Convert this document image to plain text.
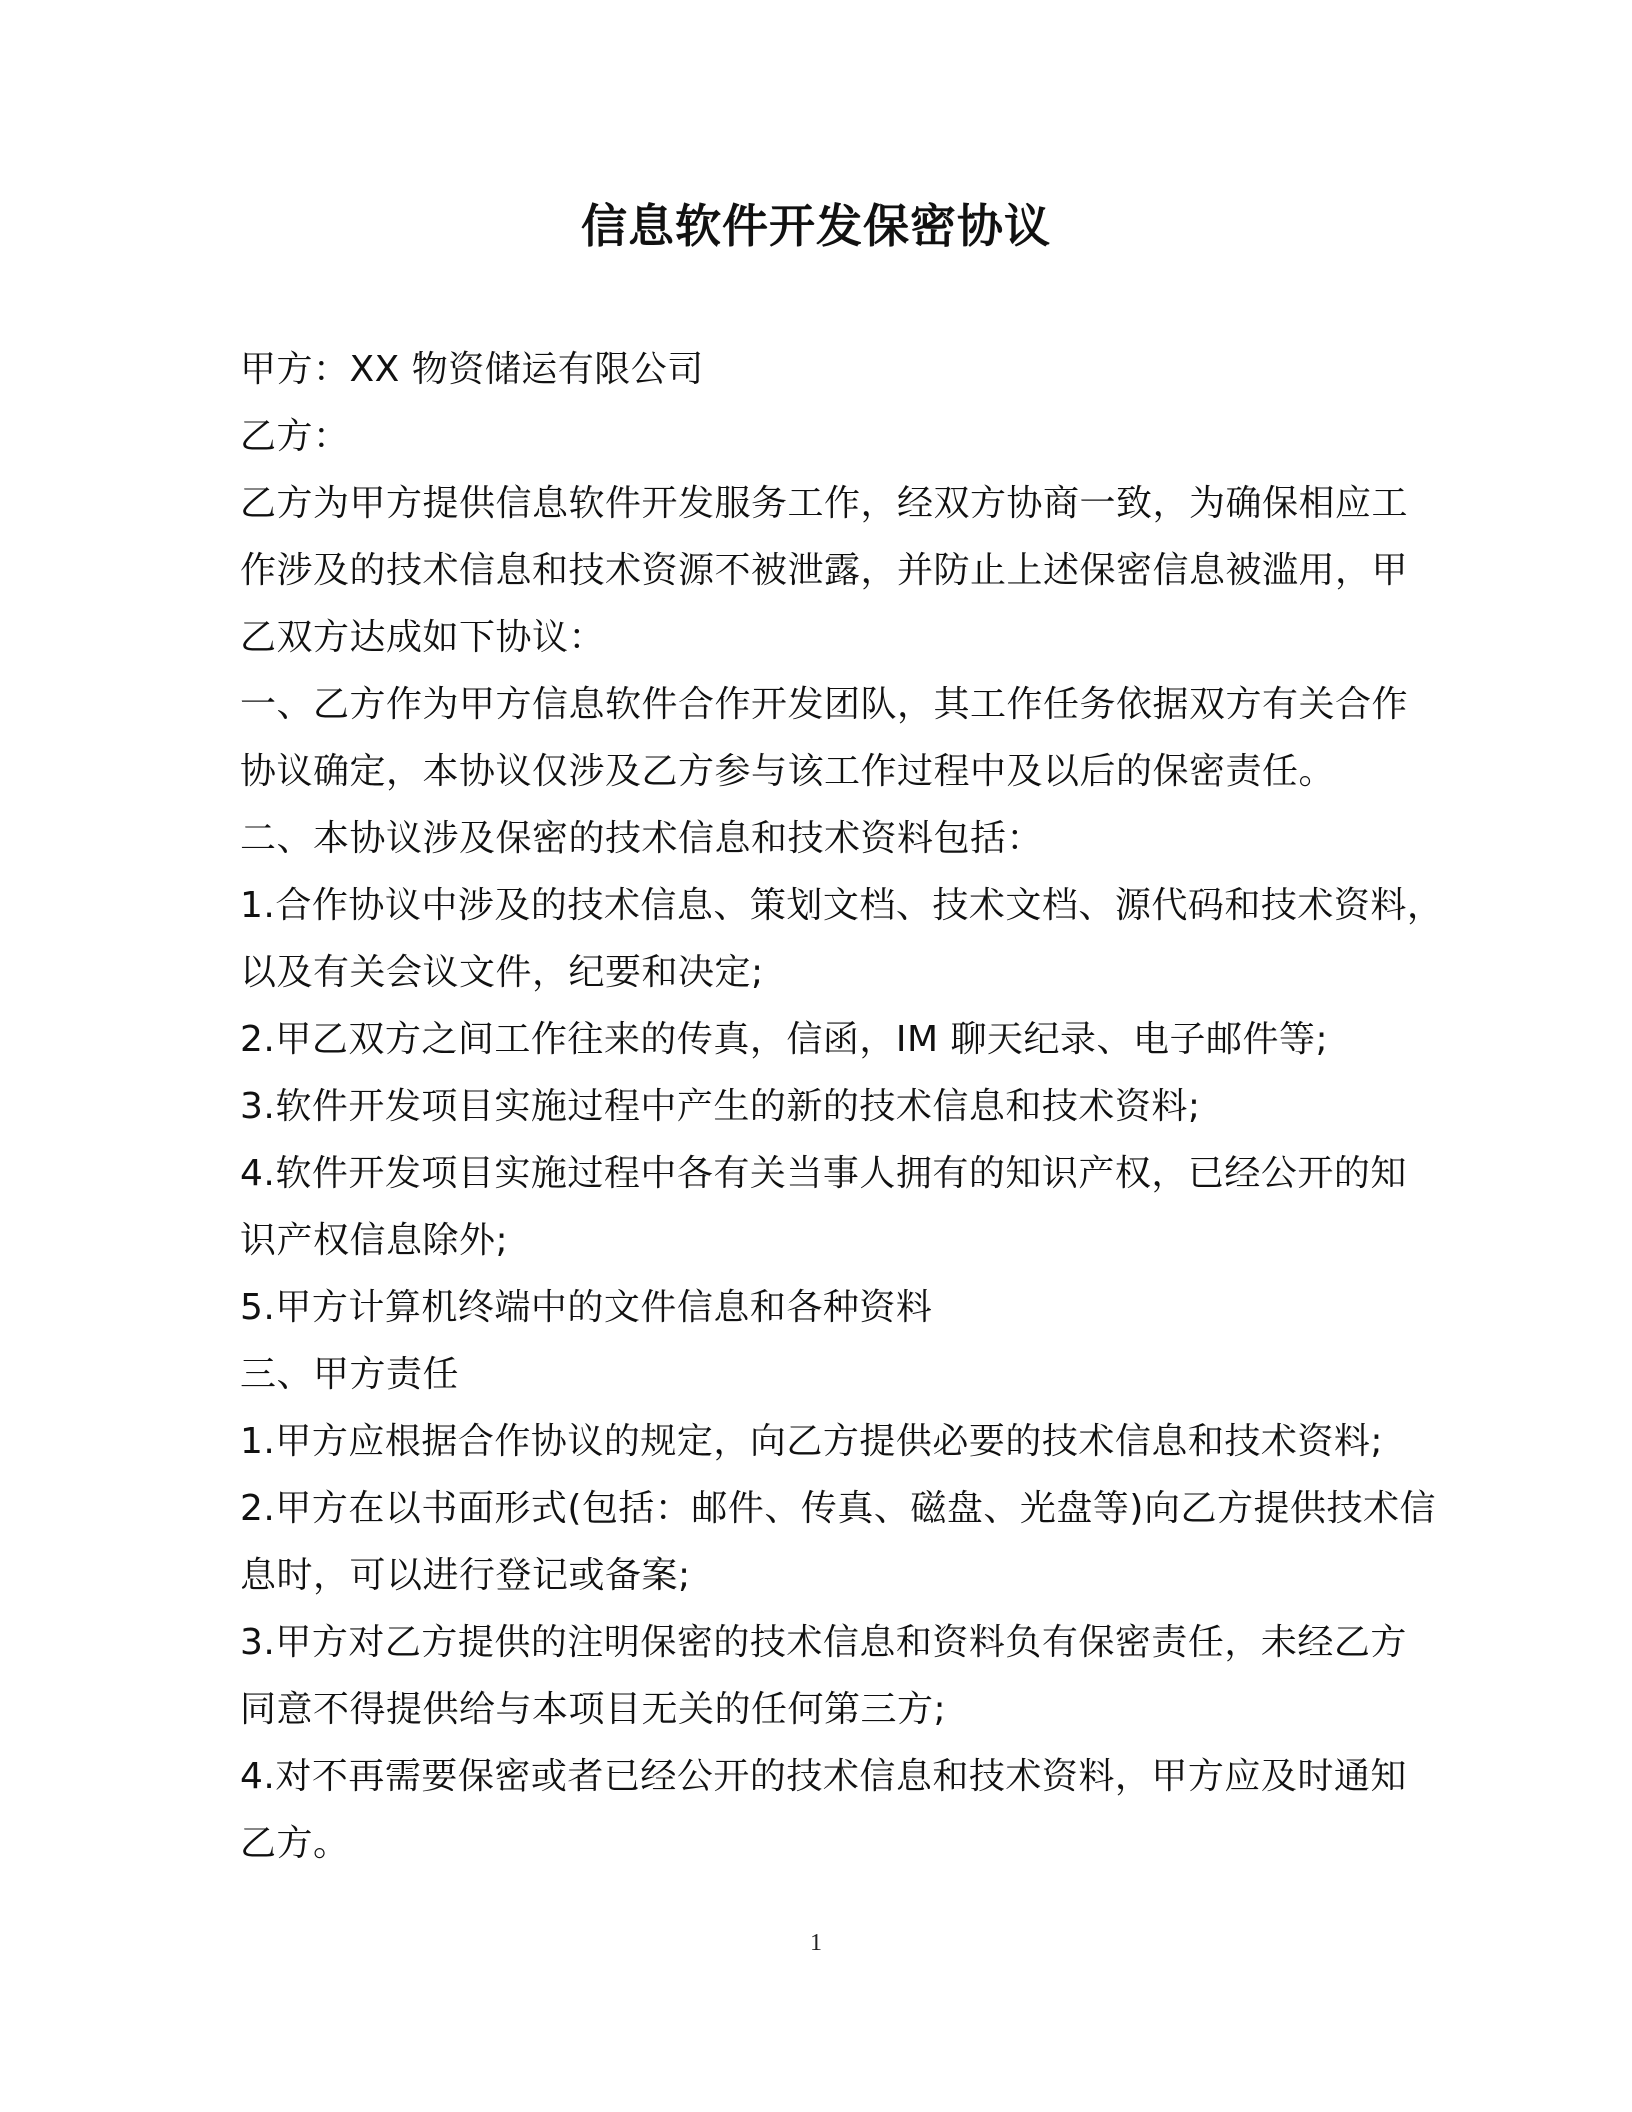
信息软件开发保密协议
甲方：XX 物资储运有限公司
乙方：
乙方为甲方提供信息软件开发服务工作，经双方协商一致，为确保相应工
作涉及的技术信息和技术资源不被泄露，并防止上述保密信息被滥用，甲
乙双方达成如下协议：
一、乙方作为甲方信息软件合作开发团队，其工作任务依据双方有关合作
协议确定，本协议仅涉及乙方参与该工作过程中及以后的保密责任。
二、本协议涉及保密的技术信息和技术资料包括：
1.合作协议中涉及的技术信息、策划文档、技术文档、源代码和技术资料，
以及有关会议文件，纪要和决定;
2.甲乙双方之间工作往来的传真，信函，IM 聊天纪录、电子邮件等;
3.软件开发项目实施过程中产生的新的技术信息和技术资料;
4.软件开发项目实施过程中各有关当事人拥有的知识产权，已经公开的知
识产权信息除外;
5.甲方计算机终端中的文件信息和各种资料
三、甲方责任
1.甲方应根据合作协议的规定，向乙方提供必要的技术信息和技术资料;
2.甲方在以书面形式(包括：邮件、传真、磁盘、光盘等)向乙方提供技术信
息时，可以进行登记或备案;
3.甲方对乙方提供的注明保密的技术信息和资料负有保密责任，未经乙方
同意不得提供给与本项目无关的任何第三方;
4.对不再需要保密或者已经公开的技术信息和技术资料，甲方应及时通知
乙方。
1
